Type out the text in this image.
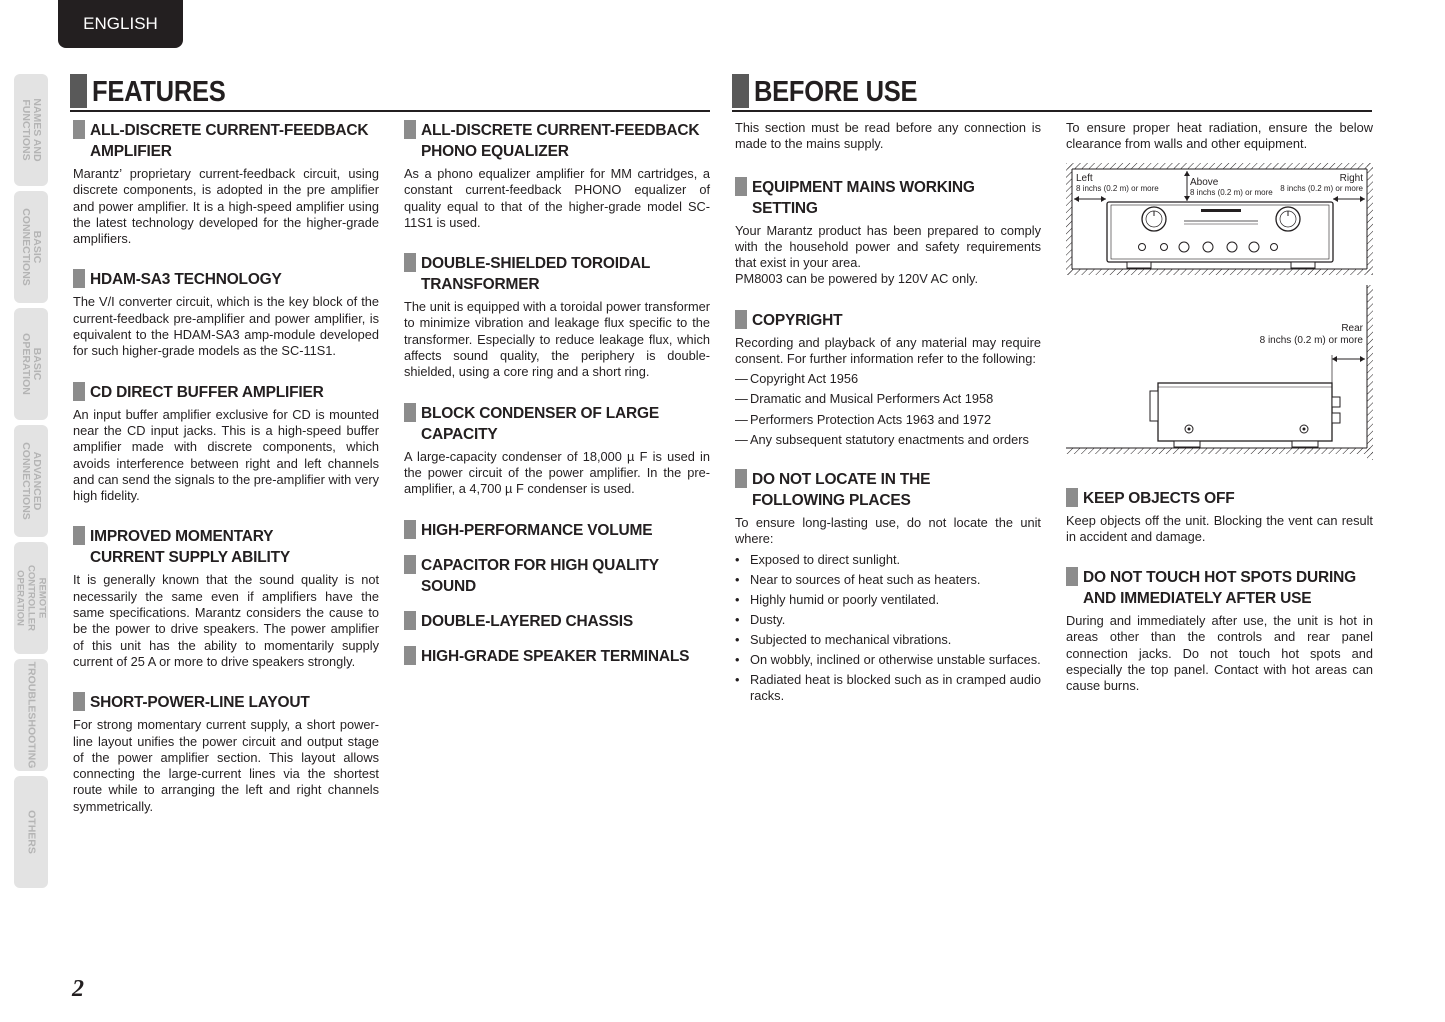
ENGLISH
NAMES AND FUNCTIONS
BASIC CONNECTIONS
BASIC OPERATION
ADVANCED CONNECTIONS
REMOTE CONTROLLER OPERATION
TROUBLESHOOTING
OTHERS
FEATURES	BEFORE USE
ALL-DISCRETE CURRENT-FEEDBACK AMPLIFIER
Marantz’ proprietary current-feedback circuit, using discrete components, is adopted in the pre amplifier and power amplifier. It is a high-speed amplifier using the latest technology developed for the higher-grade amplifiers.
HDAM-SA3 TECHNOLOGY
The V/I converter circuit, which is the key block of the current-feedback pre-amplifier and power amplifier, is equivalent to the HDAM-SA3 amp-module developed for such higher-grade models as the SC-11S1.
CD DIRECT BUFFER AMPLIFIER
An input buffer amplifier exclusive for CD is mounted near the CD input jacks. This is a high-speed buffer amplifier made with discrete components, which avoids interference between right and left channels and can send the signals to the pre-amplifier with very high fidelity.
IMPROVED MOMENTARY CURRENT SUPPLY ABILITY
It is generally known that the sound quality is not necessarily the same even if amplifiers have the same specifications. Marantz considers the cause to be the power to drive speakers. The power amplifier of this unit has the ability to momentarily supply current of 25 A or more to drive speakers strongly.
SHORT-POWER-LINE LAYOUT
For strong momentary current supply, a short power-line layout unifies the power circuit and output stage of the power amplifier section. This layout allows connecting the large-current lines via the shortest route while to arranging the left and right channels symmetrically.
ALL-DISCRETE CURRENT-FEEDBACK PHONO EQUALIZER
As a phono equalizer amplifier for MM cartridges, a constant current-feedback PHONO equalizer of quality equal to that of the higher-grade model SC-11S1 is used.
DOUBLE-SHIELDED TOROIDAL TRANSFORMER
The unit is equipped with a toroidal power transformer to minimize vibration and leakage flux specific to the transformer. Especially to reduce leakage flux, which affects sound quality, the periphery is double-shielded, using a core ring and a short ring.
BLOCK CONDENSER OF LARGE CAPACITY
A large-capacity condenser of 18,000 µ F is used in the power circuit of the power amplifier. In the pre-amplifier, a 4,700 µ F condenser is used.
HIGH-PERFORMANCE VOLUME
CAPACITOR FOR HIGH QUALITY SOUND
DOUBLE-LAYERED CHASSIS
HIGH-GRADE SPEAKER TERMINALS
This section must be read before any connection is made to the mains supply.
EQUIPMENT MAINS WORKING SETTING
Your Marantz product has been prepared to comply with the household power and safety requirements that exist in your area.
PM8003 can be powered by 120V AC only.
COPYRIGHT
Recording and playback of any material may require consent. For further information refer to the following:
— Copyright Act 1956
— Dramatic and Musical Performers Act 1958
— Performers Protection Acts 1963 and 1972
— Any subsequent statutory enactments and orders
DO NOT LOCATE IN THE FOLLOWING PLACES
To ensure long-lasting use, do not locate the unit where:
• Exposed to direct sunlight.
• Near to sources of heat such as heaters.
• Highly humid or poorly ventilated.
• Dusty.
• Subjected to mechanical vibrations.
• On wobbly, inclined or otherwise unstable surfaces.
• Radiated heat is blocked such as in cramped audio racks.
To ensure proper heat radiation, ensure the below clearance from walls and other equipment.
Left
8 inchs (0.2 m) or more
Above
8 inchs (0.2 m) or more
Right
8 inchs (0.2 m) or more
Rear
8 inchs (0.2 m) or more
KEEP OBJECTS OFF
Keep objects off the unit. Blocking the vent can result in accident and damage.
DO NOT TOUCH HOT SPOTS DURING AND IMMEDIATELY AFTER USE
During and immediately after use, the unit is hot in areas other than the controls and rear panel connection jacks. Do not touch hot spots and especially the top panel. Contact with hot areas can cause burns.
2
